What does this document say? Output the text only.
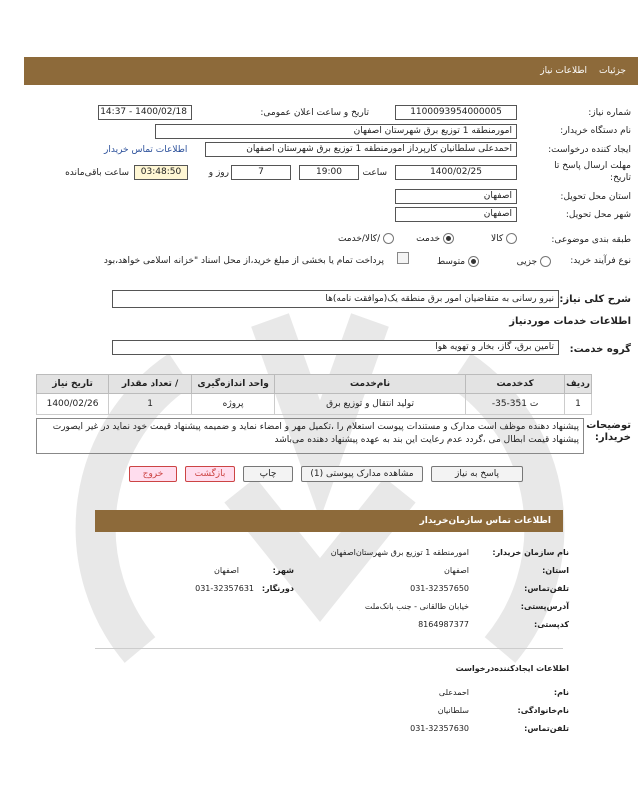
جزئیات
اطلاعات نیاز
شماره نیاز:
1100093954000005
تاریخ و ساعت اعلان عمومی:
1400/02/18 - 14:37
نام دستگاه خریدار:
امورمنطقه 1 توزیع برق شهرستان اصفهان
ایجاد کننده درخواست:
احمدعلی سلطانیان کارپرداز امورمنطقه 1 توزیع برق شهرستان اصفهان
اطلاعات تماس خریدار
مهلت ارسال پاسخ تا تاریخ:
1400/02/25
ساعت
19:00
7
روز و
03:48:50
ساعت باقی‌مانده
استان محل تحویل:
اصفهان
شهر محل تحویل:
اصفهان
طبقه بندی موضوعی:
کالا
خدمت
/کالا/خدمت
نوع فرآیند خرید:
جزیی
متوسط
پرداخت تمام یا بخشی از مبلغ خرید،از محل اسناد "خزانه اسلامی خواهد،بود
شرح کلی نیاز:
نیرو رسانی به متقاضیان امور برق منطقه یک(موافقت نامه)ها
اطلاعات خدمات موردنیاز
گروه خدمت:
تامین برق، گاز، بخار و تهویه هوا
ردیف	کدخدمت	نام‌خدمت	واحد اندازه‌گیری	/ تعداد مقدار	تاریخ نیاز
1	ت 351-35-	تولید انتقال و توزیع برق	پروژه	1	1400/02/26
توضیحات خریدار:
پیشنهاد دهنده موظف است مدارک و مستندات پیوست استعلام را ،تکمیل مهر و امضاء نماید و ضمیمه پیشنهاد قیمت خود نماید در غیر ایصورت پیشنهاد قیمت ابطال می ،گردد عدم رعایت این بند به عهده پیشنهاد دهنده می‌باشد
پاسخ به نیاز
مشاهده مدارک پیوستی (1)
چاپ
بازگشت
خروج
اطلاعات تماس سازمان‌خریدار
نام سازمان خریدار:
امورمنطقه 1 توزیع برق شهرستان‌اصفهان
استان:
اصفهان
شهر:
اصفهان
تلفن‌تماس:
031-32357650
دورنگار:
031-32357631
آدرس‌پستی:
خیابان طالقانی - جنب بانک‌ملت
کدپستی:
8164987377
اطلاعات ایجادکننده‌درخواست
نام:
احمدعلی
نام‌خانوادگی:
سلطانیان
تلفن‌تماس:
031-32357630
